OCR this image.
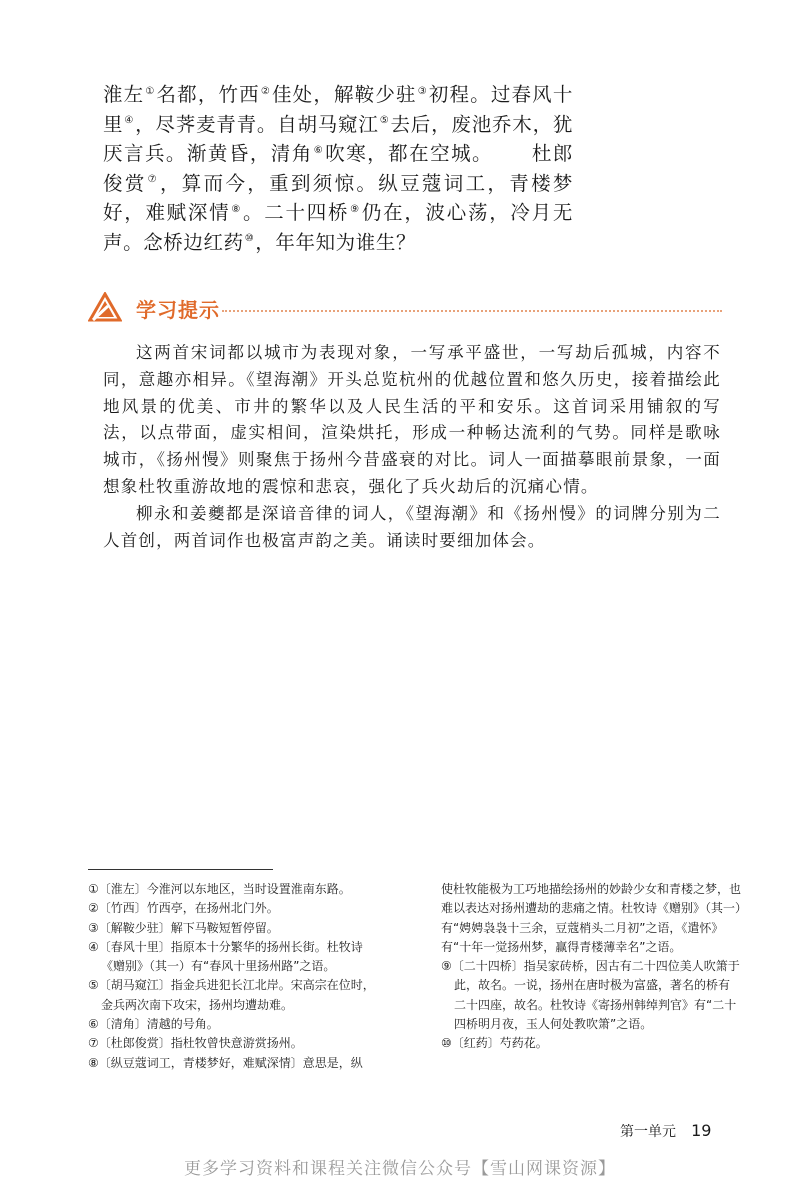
淮左①名都，竹西②佳处，解鞍少驻③初程。过春风十里④，尽荠麦青青。自胡马窥江⑤去后，废池乔木，犹厌言兵。渐黄昏，清角⑥吹寒，都在空城。 杜郎俊赏⑦，算而今，重到须惊。纵豆蔻词工，青楼梦好，难赋深情⑧。二十四桥⑨仍在，波心荡，冷月无声。念桥边红药⑩，年年知为谁生？
学习提示

这两首宋词都以城市为表现对象，一写承平盛世，一写劫后孤城，内容不同，意趣亦相异。《望海潮》开头总览杭州的优越位置和悠久历史，接着描绘此地风景的优美、市井的繁华以及人民生活的平和安乐。这首词采用铺叙的写法，以点带面，虚实相间，渲染烘托，形成一种畅达流利的气势。同样是歌咏城市，《扬州慢》则聚焦于扬州今昔盛衰的对比。词人一面描摹眼前景象，一面想象杜牧重游故地的震惊和悲哀，强化了兵火劫后的沉痛心情。

柳永和姜夔都是深谙音律的词人，《望海潮》和《扬州慢》的词牌分别为二人首创，两首词作也极富声韵之美。诵读时要细加体会。

①〔淮左〕今淮河以东地区，当时设置淮南东路。

②〔竹西〕竹西亭，在扬州北门外。

③〔解鞍少驻〕解下马鞍短暂停留。

④〔春风十里〕指原本十分繁华的扬州长街。杜牧诗《赠别》（其一）有“春风十里扬州路”之语。

⑤〔胡马窥江〕指金兵进犯长江北岸。宋高宗在位时，金兵两次南下攻宋，扬州均遭劫难。

⑥〔清角〕清越的号角。

⑦〔杜郎俊赏〕指杜牧曾快意游赏扬州。

⑧〔纵豆蔻词工，青楼梦好，难赋深情〕意思是，纵

使杜牧能极为工巧地描绘扬州的妙龄少女和青楼之梦，也难以表达对扬州遭劫的悲痛之情。杜牧诗《赠别》（其一）有“娉娉袅袅十三余，豆蔻梢头二月初”之语，《遣怀》有“十年一觉扬州梦，赢得青楼薄幸名”之语。

⑨〔二十四桥〕指吴家砖桥，因古有二十四位美人吹箫于此，故名。一说，扬州在唐时极为富盛，著名的桥有二十四座，故名。杜牧诗《寄扬州韩绰判官》有“二十四桥明月夜，玉人何处教吹箫”之语。

⑩〔红药〕芍药花。

第一单元 19
更多学习资料和课程关注微信公众号【雪山网课资源】
